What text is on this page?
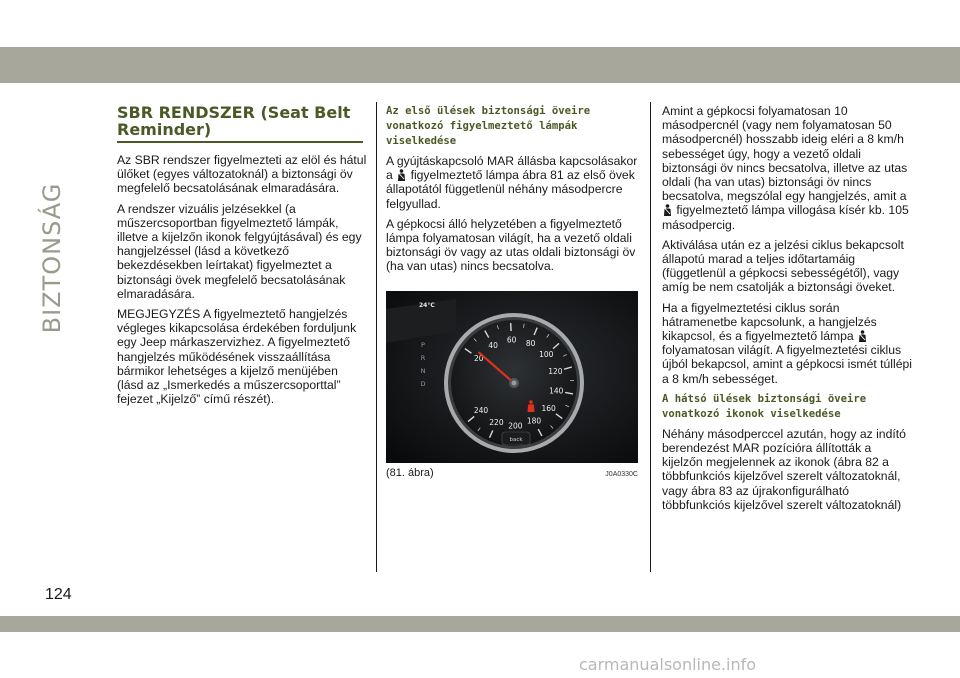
BIZTONSÁG
SBR RENDSZER (Seat Belt Reminder)

Az SBR rendszer figyelmezteti az elöl és hátul ülőket (egyes változatoknál) a biztonsági öv megfelelő becsatolásának elmaradására.

A rendszer vizuális jelzésekkel (a műszercsoportban figyelmeztető lámpák, illetve a kijelzőn ikonok felgyújtásával) és egy hangjelzéssel (lásd a következő bekezdésekben leírtakat) figyelmeztet a biztonsági övek megfelelő becsatolásának elmaradására.

MEGJEGYZÉS A figyelmeztető hangjelzés végleges kikapcsolása érdekében forduljunk egy Jeep márkaszervizhez. A figyelmeztető hangjelzés működésének visszaállítása bármikor lehetséges a kijelző menüjében (lásd az „Ismerkedés a műszercsoporttal” fejezet „Kijelző” című részét).

Az első ülések biztonsági öveire vonatkozó figyelmeztető lámpák viselkedése

A gyújtáskapcsoló MAR állásba kapcsolásakor a figyelmeztető lámpa ábra 81 az első övek állapotától függetlenül néhány másodpercre felgyullad.

A gépkocsi álló helyzetében a figyelmeztető lámpa folyamatosan világít, ha a vezető oldali biztonsági öv vagy az utas oldali biztonsági öv (ha van utas) nincs becsatolva.

24°C
20
40
60 80
100
120
140
160
180
200
220
240
P
R
N
D
back
(81. ábra)	J0A0330C

Amint a gépkocsi folyamatosan 10 másodpercnél (vagy nem folyamatosan 50 másodpercnél) hosszabb ideig eléri a 8 km/h sebességet úgy, hogy a vezető oldali biztonsági öv nincs becsatolva, illetve az utas oldali (ha van utas) biztonsági öv nincs becsatolva, megszólal egy hangjelzés, amit a  figyelmeztető lámpa villogása kísér kb. 105 másodpercig.

Aktiválása után ez a jelzési ciklus bekapcsolt állapotú marad a teljes időtartamáig (függetlenül a gépkocsi sebességétől), vagy amíg be nem csatolják a biztonsági öveket.

Ha a figyelmeztetési ciklus során hátramenetbe kapcsolunk, a hangjelzés kikapcsol, és a figyelmeztető lámpa  folyamatosan világít. A figyelmeztetési ciklus újból bekapcsol, amint a gépkocsi ismét túllépi a 8 km/h sebességet.

A hátsó ülések biztonsági öveire vonatkozó ikonok viselkedése

Néhány másodperccel azután, hogy az indító berendezést MAR pozícióra állították a kijelzőn megjelennek az ikonok (ábra 82 a többfunkciós kijelzővel szerelt változatoknál, vagy ábra 83 az újrakonfigurálható többfunkciós kijelzővel szerelt változatoknál)

124
carmanualsonline.info
